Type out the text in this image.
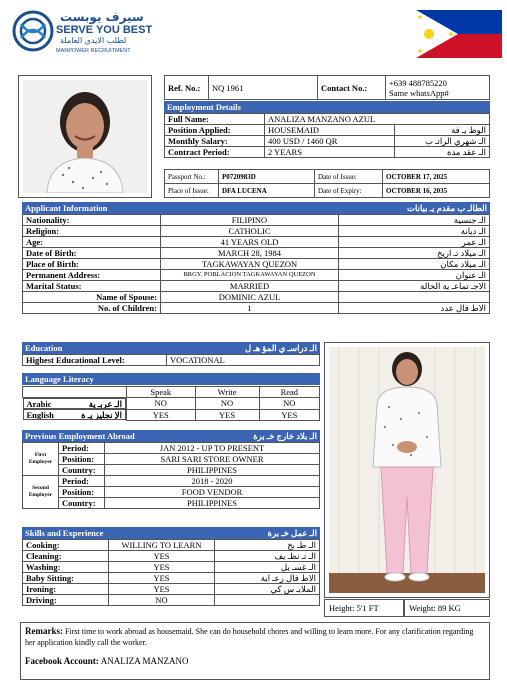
سيرف يوبست
SERVE YOU BEST
لطلب الايدي العاملة
MANPOWER RECRUITMENT
Ref. No.:	NQ 1961	Contact No.:	+639 488785220
Same whatsApp#
Employment Details
Full Name:	ANALIZA MANZANO AZUL	
Position Applied:	HOUSEMAID	الوظ يـ فة
Monthly Salary:	400 USD / 1460 QR	الـ شهري الراتـ ب
Contract Period:	2 YEARS	الـ عقد مدة
Passport No.:	P0720983D	Date of Issue:	OCTOBER 17, 2025
Place of Issue:	DFA LUCENA	Date of Expiry:	OCTOBER 16, 2035
Applicant Information	الطالـ ب مقدم يـ بيانات
Nationality:	FILIPINO	الـ جنسية
Religion:	CATHOLIC	الـ ديانة
Age:	41 YEARS OLD	الـ عمر
Date of Birth:	MARCH 28, 1984	الـ ميلاد تـ اريخ
Place of Birth:	TAGKAWAYAN QUEZON	الـ ميلاد مكان
Permanent Address:	BRGY. POBLACION TAGKAWAYAN QUEZON	الـ عنوان
Marital Status:	MARRIED	الاجـ تماعـ ية الحالة
Name of Spouse:	DOMINIC AZUL	
No. of Children:	1	الاط فال عدد
Education	الـ دراسـ ي المؤ هـ ل
Highest Educational Level:	VOCATIONAL
Language Literacy
	Speak	Write	Read

Arabic	الـ عربـ ية	NO	NO	NO

English	الإ نجليز يـ ة	YES	YES	YES
Previous Employment Abroad	الـ بلاد خارج خـ برة
First Employer	Period:	JAN 2012 - UP TO PRESENT
	Position:	SARI SARI STORE OWNER
	Country:	PHILIPPINES
Second Employer	Period:	2018 - 2020
	Position:	FOOD VENDOR
	Country:	PHILIPPINES
Skills and Experience	الـ عمل خـ برة
Cooking:	WILLING TO LEARN	الـ طـ بخ
Cleaning:	YES	الـ تـ نظـ يف
Washing:	YES	الـ غسـ يل
Baby Sitting:	YES	الاط فال رعـ اية
Ironing:	YES	الملابـ س كي
Driving:	NO	
Height: 5'1 FT	Weight: 89 KG
Remarks: First time to work abroad as housemaid. She can do household chores and willing to learn more. For any clarification regarding her application kindly call the worker.
Facebook Account: ANALIZA MANZANO
